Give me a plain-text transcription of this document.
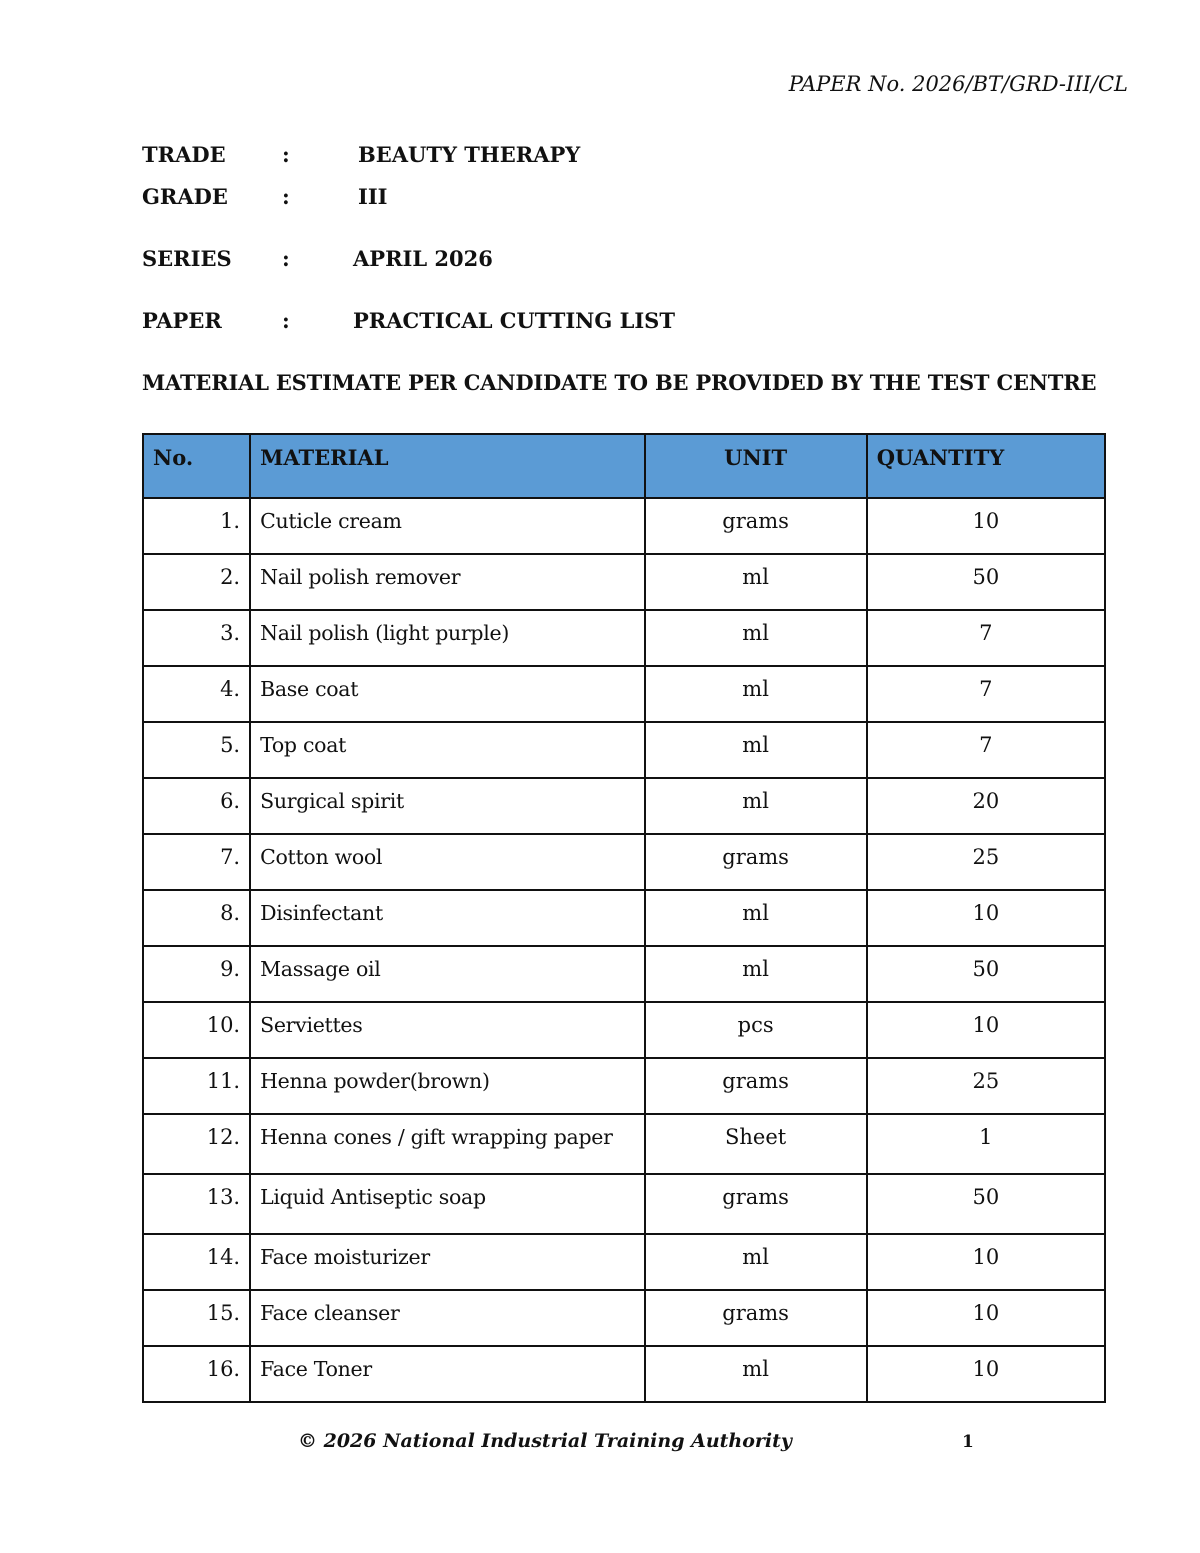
PAPER No. 2026/BT/GRD-III/CL
TRADE	:	BEAUTY THERAPY
GRADE	:	III
SERIES	:	APRIL 2026
PAPER	:	PRACTICAL CUTTING LIST
MATERIAL ESTIMATE PER CANDIDATE TO BE PROVIDED BY THE TEST CENTRE
No.	MATERIAL	UNIT	QUANTITY
1.	Cuticle cream	grams	10
2.	Nail polish remover	ml	50
3.	Nail polish (light purple)	ml	7
4.	Base coat	ml	7
5.	Top coat	ml	7
6.	Surgical spirit	ml	20
7.	Cotton wool	grams	25
8.	Disinfectant	ml	10
9.	Massage oil	ml	50
10.	Serviettes	pcs	10
11.	Henna powder(brown)	grams	25
12.	Henna cones / gift wrapping paper	Sheet	1
13.	Liquid Antiseptic soap	grams	50
14.	Face moisturizer	ml	10
15.	Face cleanser	grams	10
16.	Face Toner	ml	10
© 2026 National Industrial Training Authority	1
